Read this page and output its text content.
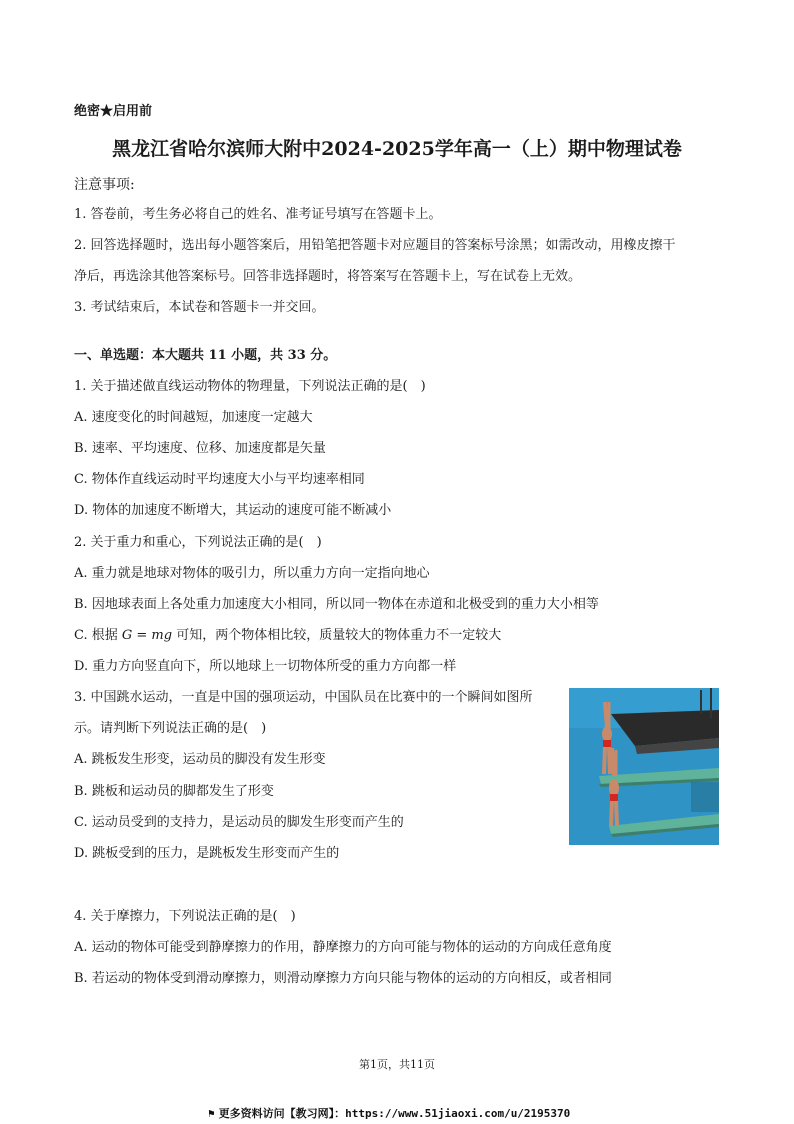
绝密★启用前
黑龙江省哈尔滨师大附中2024-2025学年高一（上）期中物理试卷
注意事项:
1. 答卷前，考生务必将自己的姓名、准考证号填写在答题卡上。
2. 回答选择题时，选出每小题答案后，用铅笔把答题卡对应题目的答案标号涂黑；如需改动，用橡皮擦干
净后，再选涂其他答案标号。回答非选择题时，将答案写在答题卡上，写在试卷上无效。
3. 考试结束后，本试卷和答题卡一并交回。
一、单选题：本大题共 11 小题，共 33 分。
1. 关于描述做直线运动物体的物理量，下列说法正确的是(　)
A. 速度变化的时间越短，加速度一定越大
B. 速率、平均速度、位移、加速度都是矢量
C. 物体作直线运动时平均速度大小与平均速率相同
D. 物体的加速度不断增大，其运动的速度可能不断减小
2. 关于重力和重心，下列说法正确的是(　)
A. 重力就是地球对物体的吸引力，所以重力方向一定指向地心
B. 因地球表面上各处重力加速度大小相同，所以同一物体在赤道和北极受到的重力大小相等
C. 根据 G = mg 可知，两个物体相比较，质量较大的物体重力不一定较大
D. 重力方向竖直向下，所以地球上一切物体所受的重力方向都一样
3. 中国跳水运动，一直是中国的强项运动，中国队员在比赛中的一个瞬间如图所
示。请判断下列说法正确的是(　)
A. 跳板发生形变，运动员的脚没有发生形变
B. 跳板和运动员的脚都发生了形变
C. 运动员受到的支持力，是运动员的脚发生形变而产生的
D. 跳板受到的压力，是跳板发生形变而产生的
4. 关于摩擦力，下列说法正确的是(　)
A. 运动的物体可能受到静摩擦力的作用，静摩擦力的方向可能与物体的运动的方向成任意角度
B. 若运动的物体受到滑动摩擦力，则滑动摩擦力方向只能与物体的运动的方向相反，或者相同
第1页，共11页
⚑ 更多资料访问【教习网】：https://www.51jiaoxi.com/u/2195370
